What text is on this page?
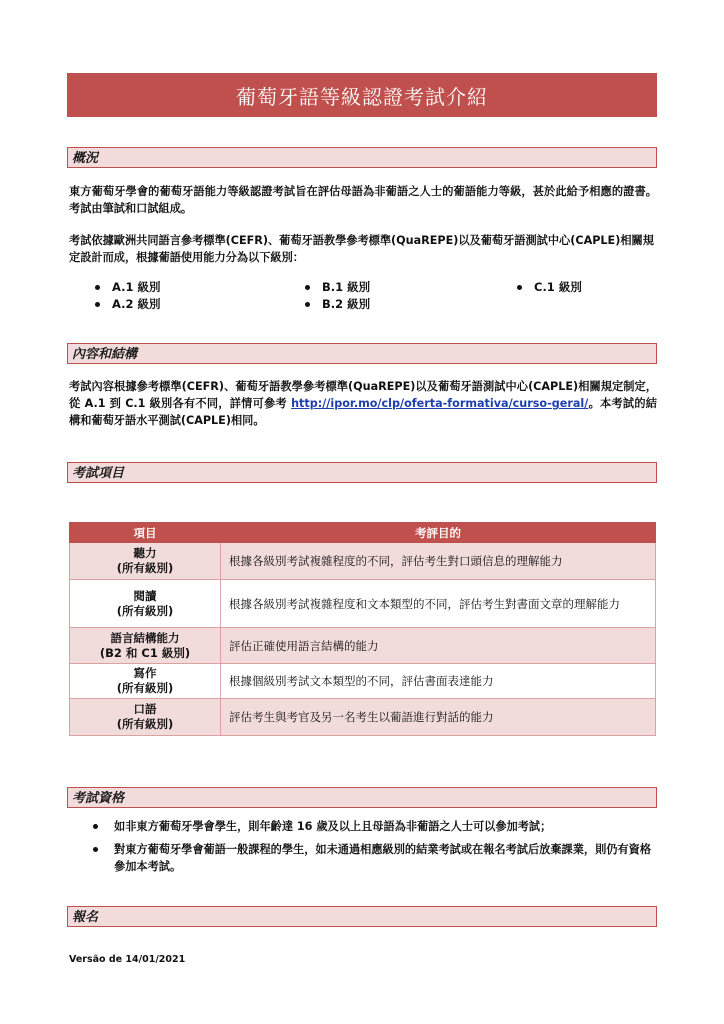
葡萄牙語等級認證考試介紹
概況
東方葡萄牙學會的葡萄牙語能力等級認證考試旨在評估母語為非葡語之人士的葡語能力等級，甚於此給予相應的證書。考試由筆試和口試組成。
考試依據歐洲共同語言參考標準(CEFR)、葡萄牙語教學參考標準(QuaREPE)以及葡萄牙語測試中心(CAPLE)相關規定設計而成，根據葡語使用能力分為以下級別：
A.1 級別
A.2 級別
B.1 級別
B.2 級別
C.1 級別
內容和結構
考試內容根據參考標準(CEFR)、葡萄牙語教學參考標準(QuaREPE)以及葡萄牙語測試中心(CAPLE)相關規定制定，從 A.1 到 C.1 級別各有不同，詳情可參考 http://ipor.mo/clp/oferta-formativa/curso-geral/。本考試的結構和葡萄牙語水平測試(CAPLE)相同。
考試項目
項目	考評目的

聽力
(所有級別)	根據各級別考試複雜程度的不同，評估考生對口頭信息的理解能力

閱讀
(所有級別)	根據各級別考試複雜程度和文本類型的不同，評估考生對書面文章的理解能力

語言結構能力
(B2 和 C1 級別)	評估正確使用語言結構的能力

寫作
(所有級別)	根據個級別考試文本類型的不同，評估書面表達能力

口語
(所有級別)	評估考生與考官及另一名考生以葡語進行對話的能力
考試資格
如非東方葡萄牙學會學生，則年齡達 16 歲及以上且母語為非葡語之人士可以參加考試；
對東方葡萄牙學會葡語一般課程的學生，如未通過相應級別的結業考試或在報名考試后放棄課業，則仍有資格參加本考試。
報名
Versão de 14/01/2021
